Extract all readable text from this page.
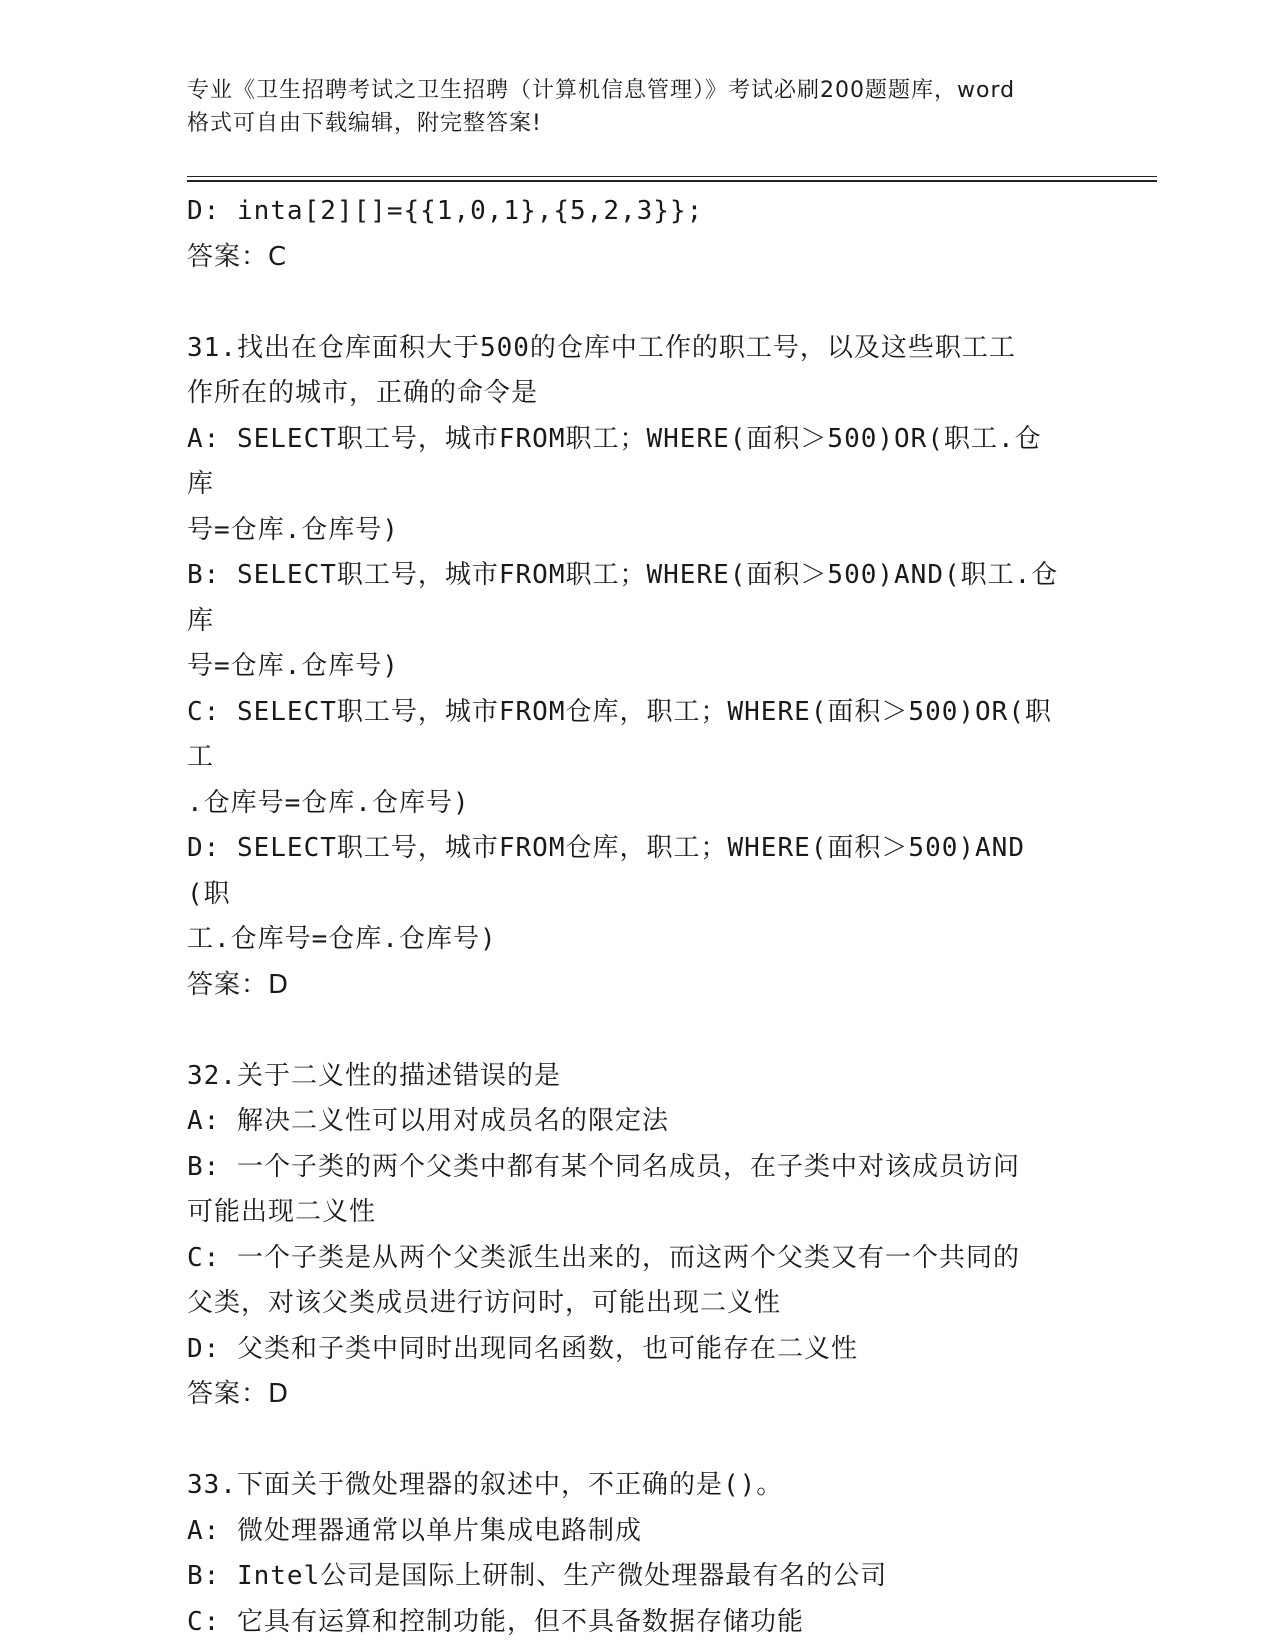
专业《卫生招聘考试之卫生招聘（计算机信息管理）》考试必刷200题题库，word
格式可自由下载编辑，附完整答案!

D: inta[2][]={{1,0,1},{5,2,3}};

答案：C

31.找出在仓库面积大于500的仓库中工作的职工号，以及这些职工工

作所在的城市，正确的命令是

A: SELECT职工号，城市FROM职工；WHERE(面积＞500)OR(职工.仓库

号=仓库.仓库号)

B: SELECT职工号，城市FROM职工；WHERE(面积＞500)AND(职工.仓库

号=仓库.仓库号)

C: SELECT职工号，城市FROM仓库，职工；WHERE(面积＞500)OR(职工

.仓库号=仓库.仓库号)

D: SELECT职工号，城市FROM仓库，职工；WHERE(面积＞500)AND(职

工.仓库号=仓库.仓库号)

答案：D

32.关于二义性的描述错误的是

A: 解决二义性可以用对成员名的限定法

B: 一个子类的两个父类中都有某个同名成员，在子类中对该成员访问

可能出现二义性

C: 一个子类是从两个父类派生出来的，而这两个父类又有一个共同的

父类，对该父类成员进行访问时，可能出现二义性

D: 父类和子类中同时出现同名函数，也可能存在二义性

答案：D

33.下面关于微处理器的叙述中，不正确的是()。

A: 微处理器通常以单片集成电路制成

B: Intel公司是国际上研制、生产微处理器最有名的公司

C: 它具有运算和控制功能，但不具备数据存储功能
